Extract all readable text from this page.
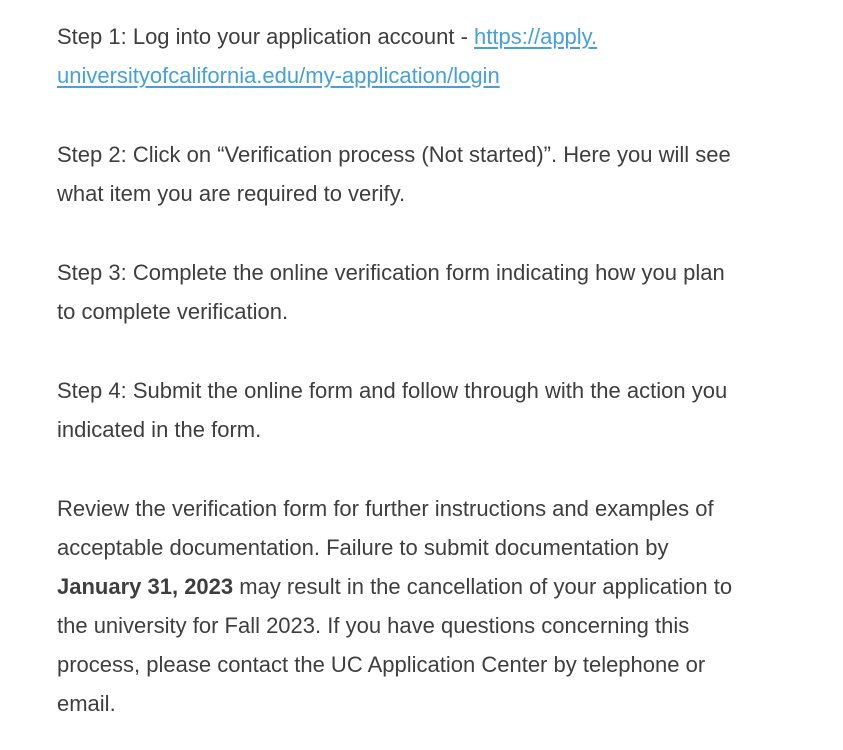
Step 1: Log into your application account - https://apply.
universityofcalifornia.edu/my-application/login

Step 2: Click on “Verification process (Not started)”. Here you will see
what item you are required to verify.

Step 3: Complete the online verification form indicating how you plan
to complete verification.

Step 4: Submit the online form and follow through with the action you
indicated in the form.

Review the verification form for further instructions and examples of
acceptable documentation. Failure to submit documentation by
January 31, 2023 may result in the cancellation of your application to
the university for Fall 2023. If you have questions concerning this
process, please contact the UC Application Center by telephone or
email.
